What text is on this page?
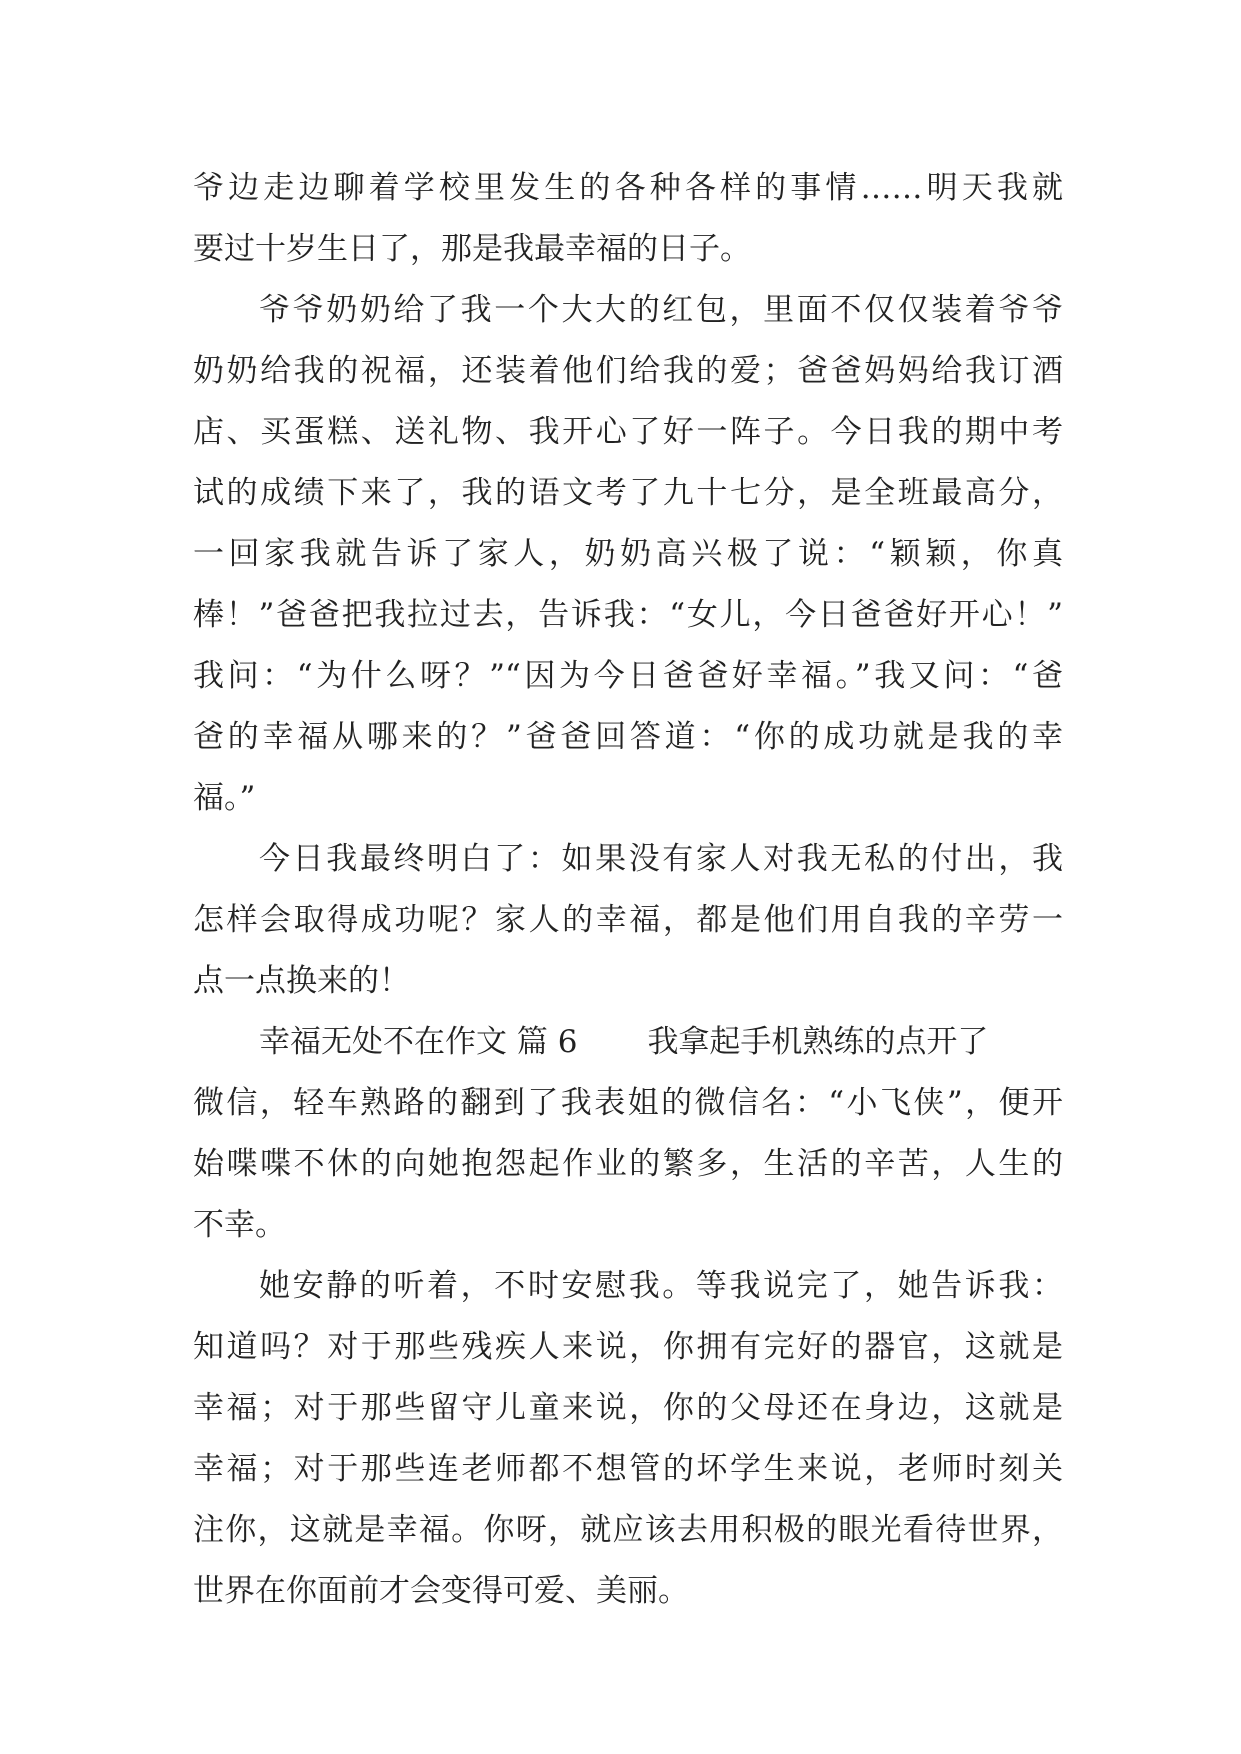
爷边走边聊着学校里发生的各种各样的事情……明天我就
要过十岁生日了，那是我最幸福的日子。
爷爷奶奶给了我一个大大的红包，里面不仅仅装着爷爷
奶奶给我的祝福，还装着他们给我的爱；爸爸妈妈给我订酒
店、买蛋糕、送礼物、我开心了好一阵子。今日我的期中考
试的成绩下来了，我的语文考了九十七分，是全班最高分，
一回家我就告诉了家人，奶奶高兴极了说：“颖颖，你真
棒！”爸爸把我拉过去，告诉我：“女儿，今日爸爸好开心！”
我问：“为什么呀？”“因为今日爸爸好幸福。”我又问：“爸
爸的幸福从哪来的？”爸爸回答道：“你的成功就是我的幸
福。”
今日我最终明白了：如果没有家人对我无私的付出，我
怎样会取得成功呢？家人的幸福，都是他们用自我的辛劳一
点一点换来的！
幸福无处不在作文 篇 6 我拿起手机熟练的点开了
微信，轻车熟路的翻到了我表姐的微信名：“小飞侠”，便开
始喋喋不休的向她抱怨起作业的繁多，生活的辛苦，人生的
不幸。
她安静的听着，不时安慰我。等我说完了，她告诉我：
知道吗？对于那些残疾人来说，你拥有完好的器官，这就是
幸福；对于那些留守儿童来说，你的父母还在身边，这就是
幸福；对于那些连老师都不想管的坏学生来说，老师时刻关
注你，这就是幸福。你呀，就应该去用积极的眼光看待世界，
世界在你面前才会变得可爱、美丽。
